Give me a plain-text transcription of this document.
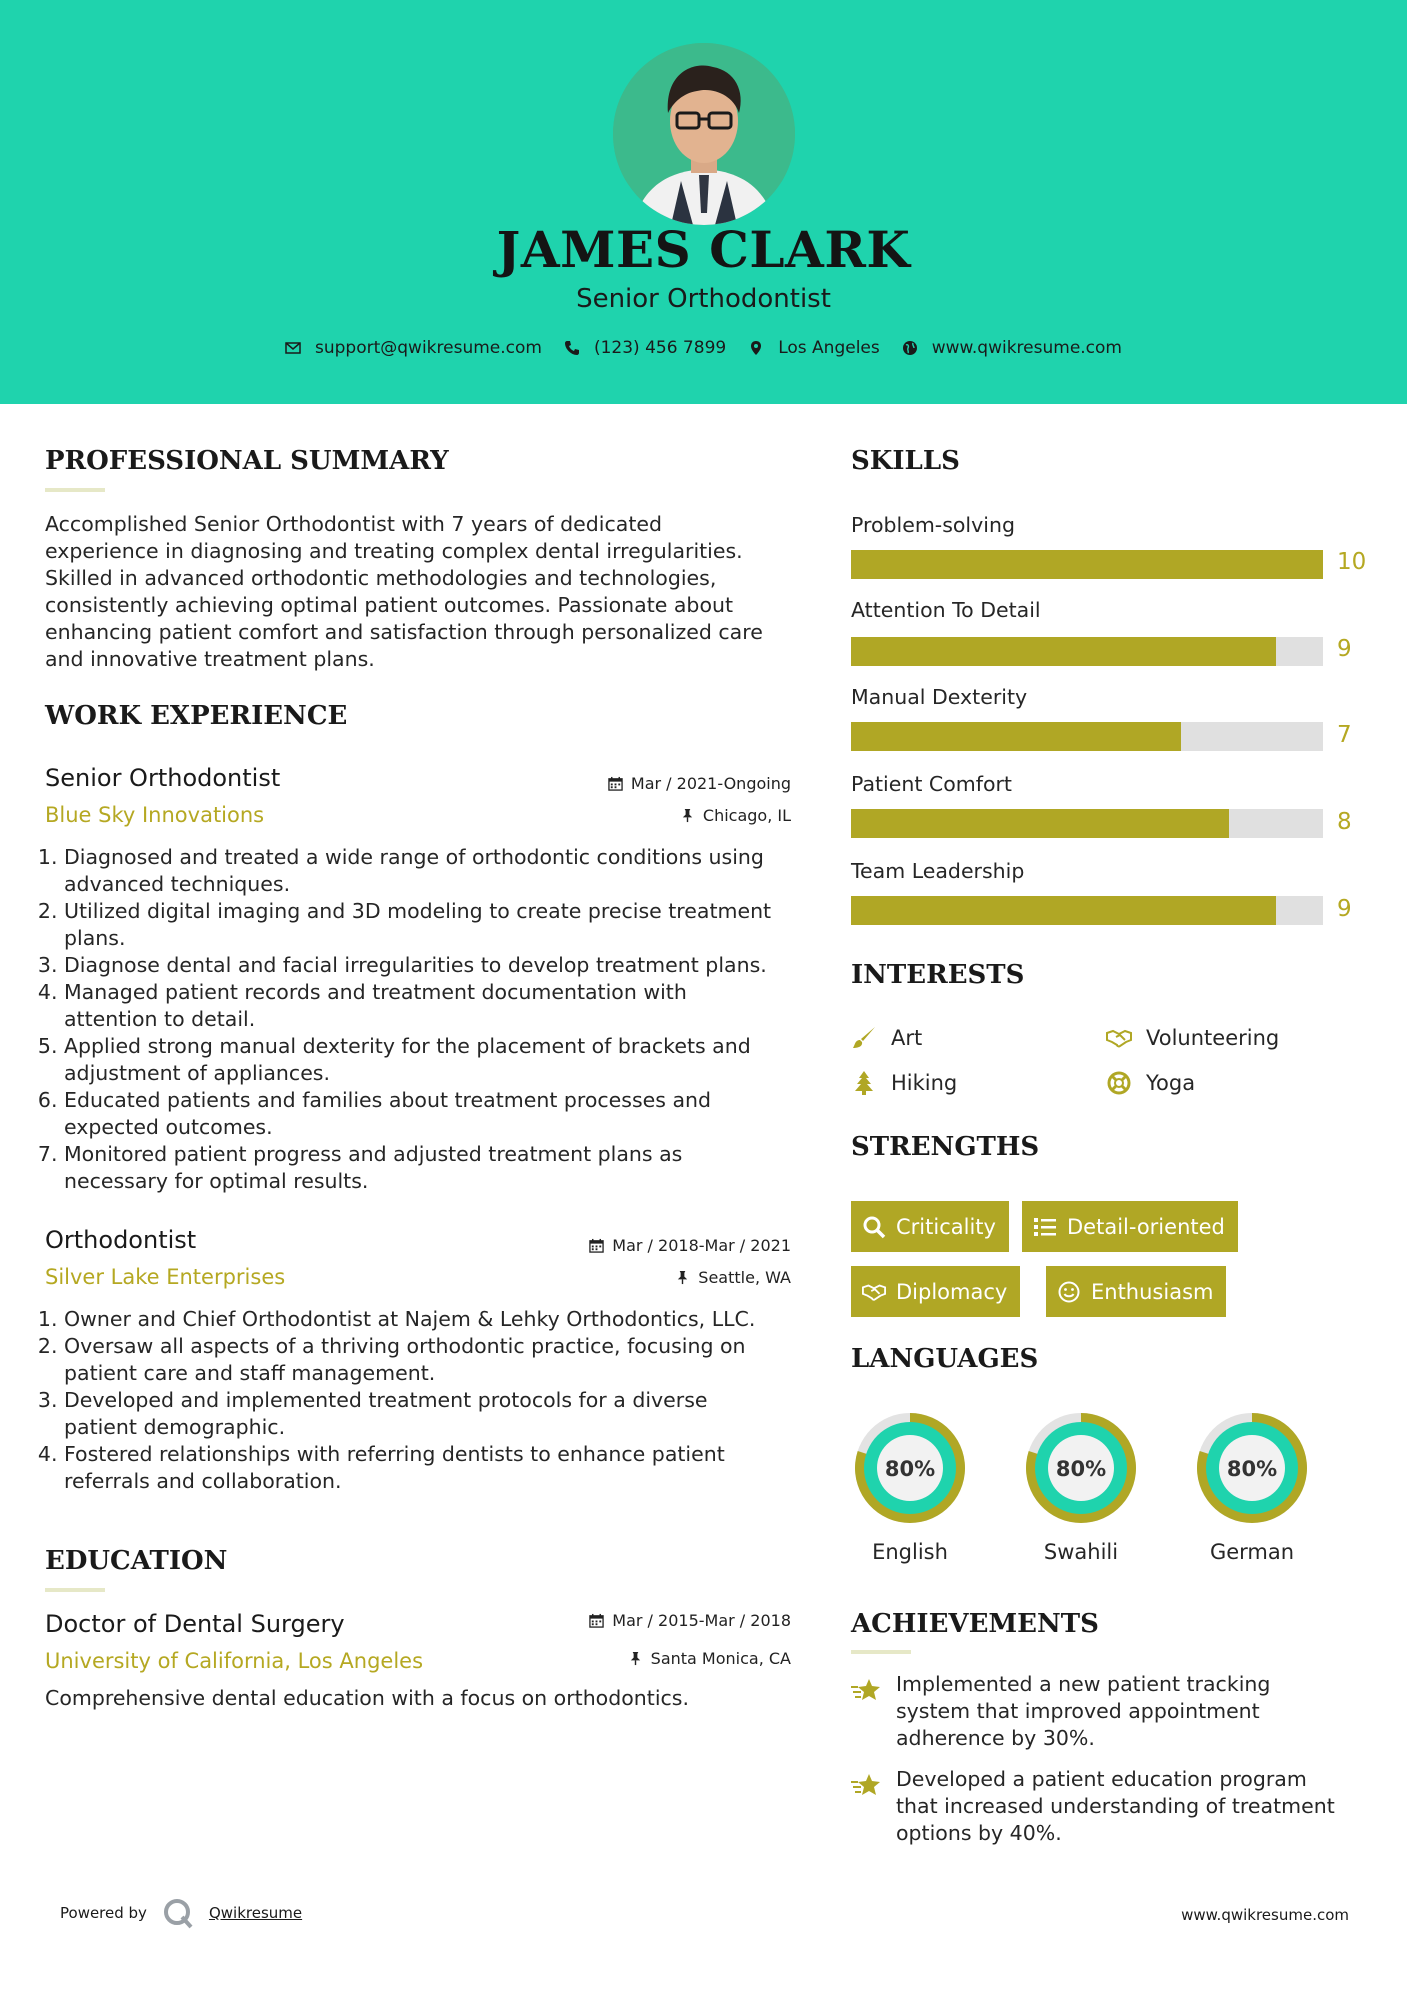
JAMES CLARK
Senior Orthodontist
support@qwikresume.com	(123) 456 7899	Los Angeles	www.qwikresume.com
PROFESSIONAL SUMMARY
Accomplished Senior Orthodontist with 7 years of dedicated
experience in diagnosing and treating complex dental irregularities.
Skilled in advanced orthodontic methodologies and technologies,
consistently achieving optimal patient outcomes. Passionate about
enhancing patient comfort and satisfaction through personalized care
and innovative treatment plans.
WORK EXPERIENCE
Senior Orthodontist
Blue Sky Innovations
Mar / 2021-Ongoing
Chicago, IL
1. Diagnosed and treated a wide range of orthodontic conditions using
advanced techniques.
2. Utilized digital imaging and 3D modeling to create precise treatment
plans.
3. Diagnose dental and facial irregularities to develop treatment plans.
4. Managed patient records and treatment documentation with
attention to detail.
5. Applied strong manual dexterity for the placement of brackets and
adjustment of appliances.
6. Educated patients and families about treatment processes and
expected outcomes.
7. Monitored patient progress and adjusted treatment plans as
necessary for optimal results.
Orthodontist
Silver Lake Enterprises
Mar / 2018-Mar / 2021
Seattle, WA
1. Owner and Chief Orthodontist at Najem & Lehky Orthodontics, LLC.
2. Oversaw all aspects of a thriving orthodontic practice, focusing on
patient care and staff management.
3. Developed and implemented treatment protocols for a diverse
patient demographic.
4. Fostered relationships with referring dentists to enhance patient
referrals and collaboration.
EDUCATION
Doctor of Dental Surgery
University of California, Los Angeles
Mar / 2015-Mar / 2018
Santa Monica, CA
Comprehensive dental education with a focus on orthodontics.
SKILLS
Problem-solving
10
Attention To Detail
9
Manual Dexterity
7
Patient Comfort
8
Team Leadership
9
INTERESTS
Art	Volunteering
Hiking	Yoga
STRENGTHS
Criticality	Detail-oriented
Diplomacy	Enthusiasm
LANGUAGES
80%
English
80%
Swahili
80%
German
ACHIEVEMENTS
Implemented a new patient tracking
system that improved appointment
adherence by 30%.
Developed a patient education program
that increased understanding of treatment
options by 40%.
Powered by	Qwikresume	www.qwikresume.com
